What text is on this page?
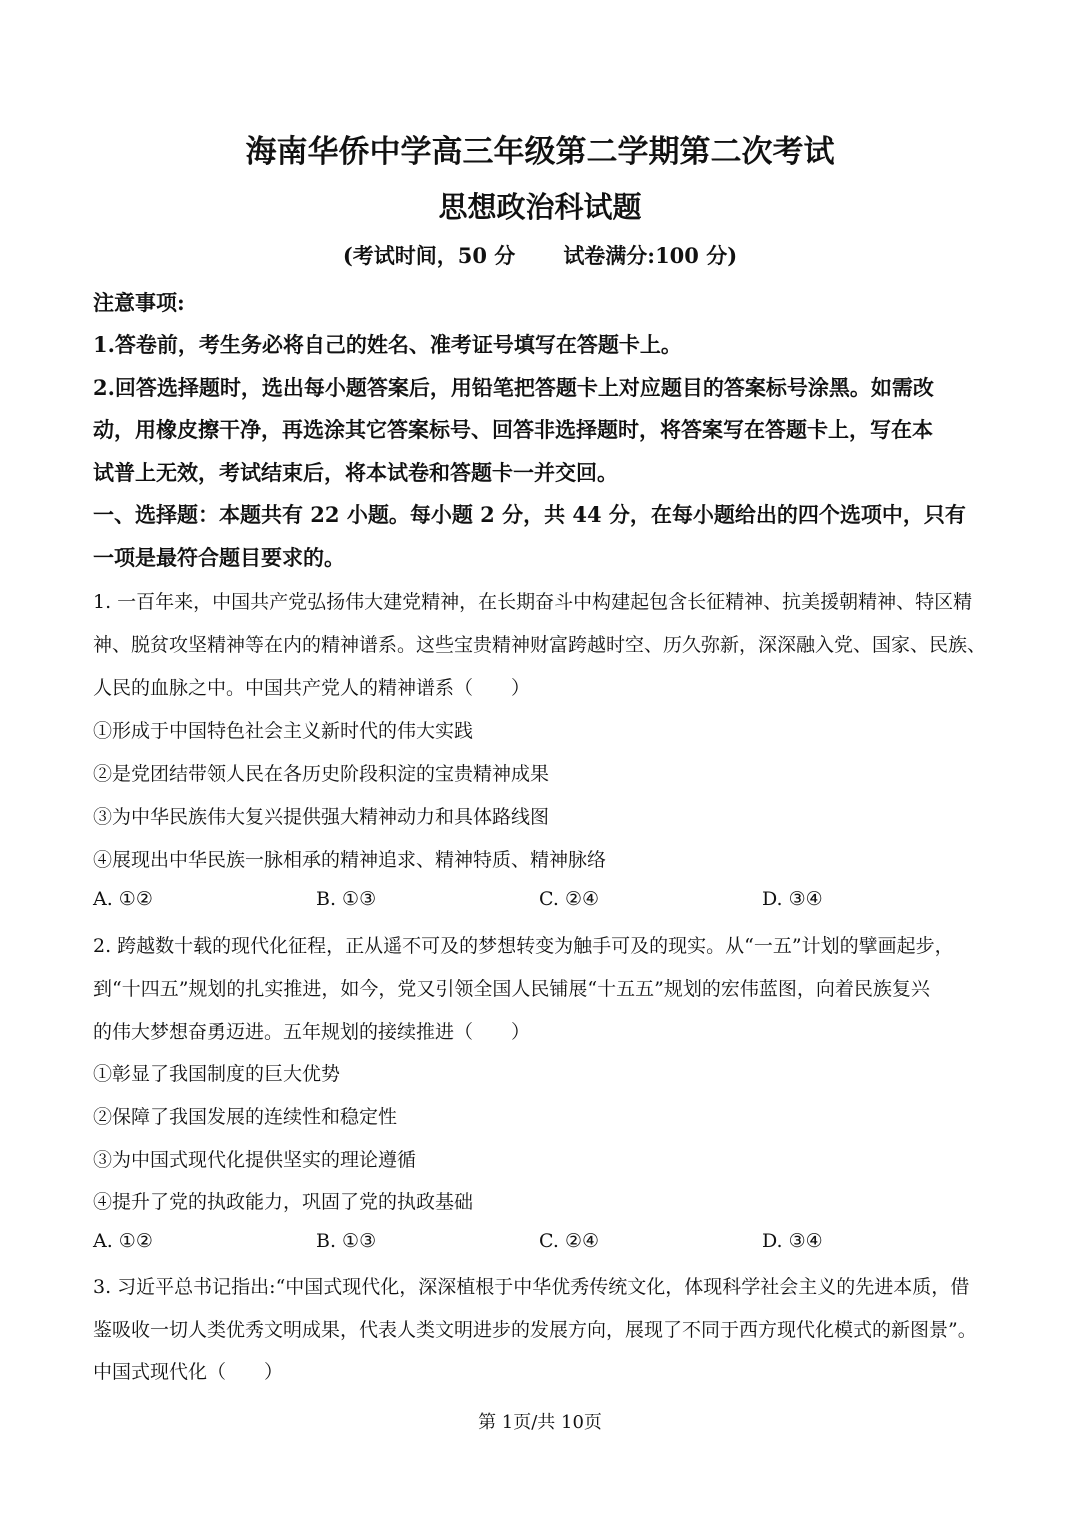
海南华侨中学高三年级第二学期第二次考试
思想政治科试题
(考试时间，50 分 试卷满分:100 分)
注意事项:
1.答卷前，考生务必将自己的姓名、准考证号填写在答题卡上。
2.回答选择题时，选出每小题答案后，用铅笔把答题卡上对应题目的答案标号涂黑。如需改
动，用橡皮擦干净，再选涂其它答案标号、回答非选择题时，将答案写在答题卡上，写在本
试普上无效，考试结束后，将本试卷和答题卡一并交回。
一、选择题：本题共有 22 小题。每小题 2 分，共 44 分，在每小题给出的四个选项中，只有
一项是最符合题目要求的。
1. 一百年来，中国共产党弘扬伟大建党精神，在长期奋斗中构建起包含长征精神、抗美援朝精神、特区精
神、脱贫攻坚精神等在内的精神谱系。这些宝贵精神财富跨越时空、历久弥新，深深融入党、国家、民族、
人民的血脉之中。中国共产党人的精神谱系（　　）
①形成于中国特色社会主义新时代的伟大实践
②是党团结带领人民在各历史阶段积淀的宝贵精神成果
③为中华民族伟大复兴提供强大精神动力和具体路线图
④展现出中华民族一脉相承的精神追求、精神特质、精神脉络
A. ①②	B. ①③	C. ②④	D. ③④
2. 跨越数十载的现代化征程，正从遥不可及的梦想转变为触手可及的现实。从“一五”计划的擘画起步，
到“十四五”规划的扎实推进，如今，党又引领全国人民铺展“十五五”规划的宏伟蓝图，向着民族复兴
的伟大梦想奋勇迈进。五年规划的接续推进（　　）
①彰显了我国制度的巨大优势
②保障了我国发展的连续性和稳定性
③为中国式现代化提供坚实的理论遵循
④提升了党的执政能力，巩固了党的执政基础
A. ①②	B. ①③	C. ②④	D. ③④
3. 习近平总书记指出:“中国式现代化，深深植根于中华优秀传统文化，体现科学社会主义的先进本质，借
鉴吸收一切人类优秀文明成果，代表人类文明进步的发展方向，展现了不同于西方现代化模式的新图景”。
中国式现代化（　　）
第 1页/共 10页
